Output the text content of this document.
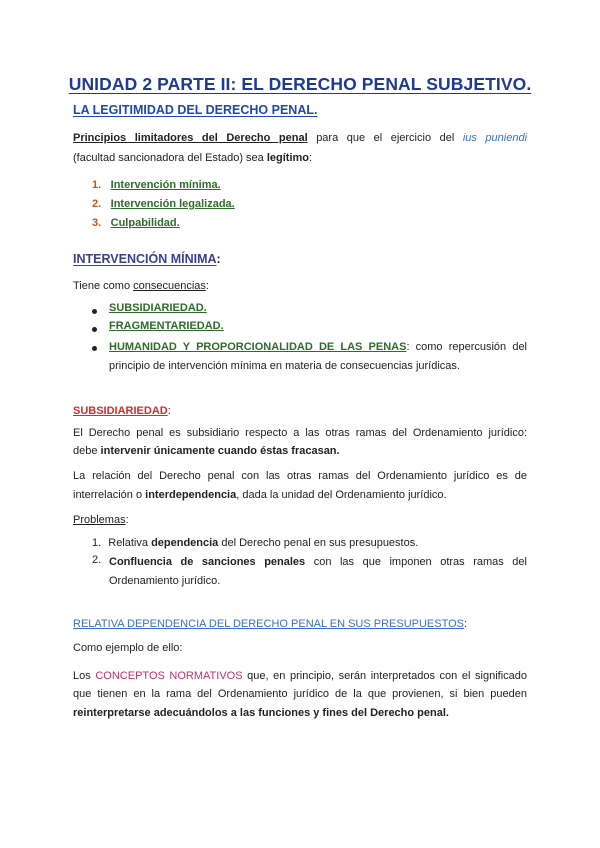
UNIDAD 2 PARTE II: EL DERECHO PENAL SUBJETIVO.
LA LEGITIMIDAD DEL DERECHO PENAL.
Principios limitadores del Derecho penal para que el ejercicio del ius puniendi
(facultad sancionadora del Estado) sea legítimo:
1. Intervención mínima.
2. Intervención legalizada.
3. Culpabilidad.
INTERVENCIÓN MÍNIMA:
Tiene como consecuencias:
SUBSIDIARIEDAD.
FRAGMENTARIEDAD.
HUMANIDAD Y PROPORCIONALIDAD DE LAS PENAS: como repercusión del
principio de intervención mínima en materia de consecuencias jurídicas.
SUBSIDIARIEDAD:
El Derecho penal es subsidiario respecto a las otras ramas del Ordenamiento jurídico:
debe intervenir únicamente cuando éstas fracasan.
La relación del Derecho penal con las otras ramas del Ordenamiento jurídico es de
interrelación o interdependencia, dada la unidad del Ordenamiento jurídico.
Problemas:
1. Relativa dependencia del Derecho penal en sus presupuestos.
2. Confluencia de sanciones penales con las que imponen otras ramas del
Ordenamiento jurídico.
RELATIVA DEPENDENCIA DEL DERECHO PENAL EN SUS PRESUPUESTOS:
Como ejemplo de ello:
Los CONCEPTOS NORMATIVOS que, en principio, serán interpretados con el significado
que tienen en la rama del Ordenamiento jurídico de la que provienen, si bien pueden
reinterpretarse adecuándolos a las funciones y fines del Derecho penal.
